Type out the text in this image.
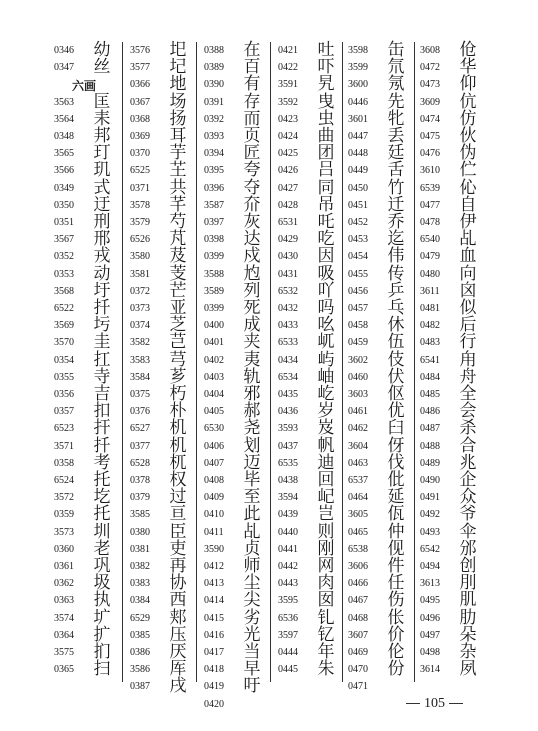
0346	幼
0347	丝
六画
3563	匡
3564	耒
0348	邦
3565	玎
3566	玑
0349	式
0350	迂
0351	刑
3567	邢
0352	戎
0353	动
3568	圩
6522	扦
3569	圬
3570	圭
0354	扛
0355	寺
0356	吉
0357	扣
6523	扞
3571	扦
0358	考
6524	托
3572	圪
0359	托
3573	圳
0360	老
0361	巩
0362	圾
0363	执
3574	圹
0364	扩
3575	扪
0365	扫
3576	圯
3577	圮
0366	地
0367	场
0368	扬
0369	耳
0370	芋
6525	芏
0371	共
3578	芊
3579	芍
6526	芃
3580	芨
3581	芰
0372	芒
0373	亚
0374	芝
3582	芑
3583	芎
3584	芗
0375	朽
0376	朴
6527	机
0377	机
6528	杌
0378	权
0379	过
3585	亘
0380	臣
0381	吏
0382	再
0383	协
0384	西
6529	郏
0385	压
0386	厌
3586	厍
0387	戌
0388	在
0389	百
0390	有
0391	存
0392	而
0393	页
0394	匠
0395	夸
0396	夺
3587	夼
0397	灰
0398	达
0399	戍
3588	尥
3589	列
0399	死
0400	成
0401	夹
0402	夷
0403	轨
0404	邪
0405	郝
6530	尧
0406	划
0407	迈
0408	毕
0409	至
0410	此
0411	乩
3590	贞
0412	师
0413	尘
0414	尖
0415	劣
0416	光
0417	当
0418	早
0419	吁
0420
0421	吐
0422	吓
3591	旯
3592	曳
0423	虫
0424	曲
0425	团
0426	吕
0427	同
0428	吊
6531	吒
0429	吃
0430	因
0431	吸
6532	吖
0432	吗
0433	吆
6533	屼
0434	屿
6534	岫
0435	屹
0436	岁
3593	岌
0437	帆
6535	迪
0438	回
3594	屺
0439	岂
0440	则
0441	刚
0442	网
0443	肉
3595	囡
6536	钆
3597	钇
0444	年
0445	朱
3598	缶
3599	氘
3600	氖
0446	先
3601	牝
0447	丢
0448	廷
0449	舌
0450	竹
0451	迁
0452	乔
0453	迄
0454	伟
0455	传
0456	乒
0457	乓
0458	休
0459	伍
3602	伎
0460	伏
3603	伛
0461	优
0462	臼
3604	伢
0463	伐
6537	仳
0464	延
3605	佤
0465	仲
6538	伣
3606	件
0466	任
0467	伤
0468	伥
3607	价
0469	伦
0470	份
0471
3608	伧
0472	华
0473	仰
3609	伉
0474	仿
0475	伙
0476	伪
3610	伫
6539	伈
0477	自
0478	伊
6540	乩
0479	血
0480	向
3611	囟
0481	似
0482	后
0483	行
6541	甪
0484	舟
0485	全
0486	会
0487	杀
0488	合
0489	兆
0490	企
0491	众
0492	爷
0493	伞
6542	邠
0494	创
3613	刖
0495	肌
0496	肋
0497	朵
0498	杂
3614	夙
105
